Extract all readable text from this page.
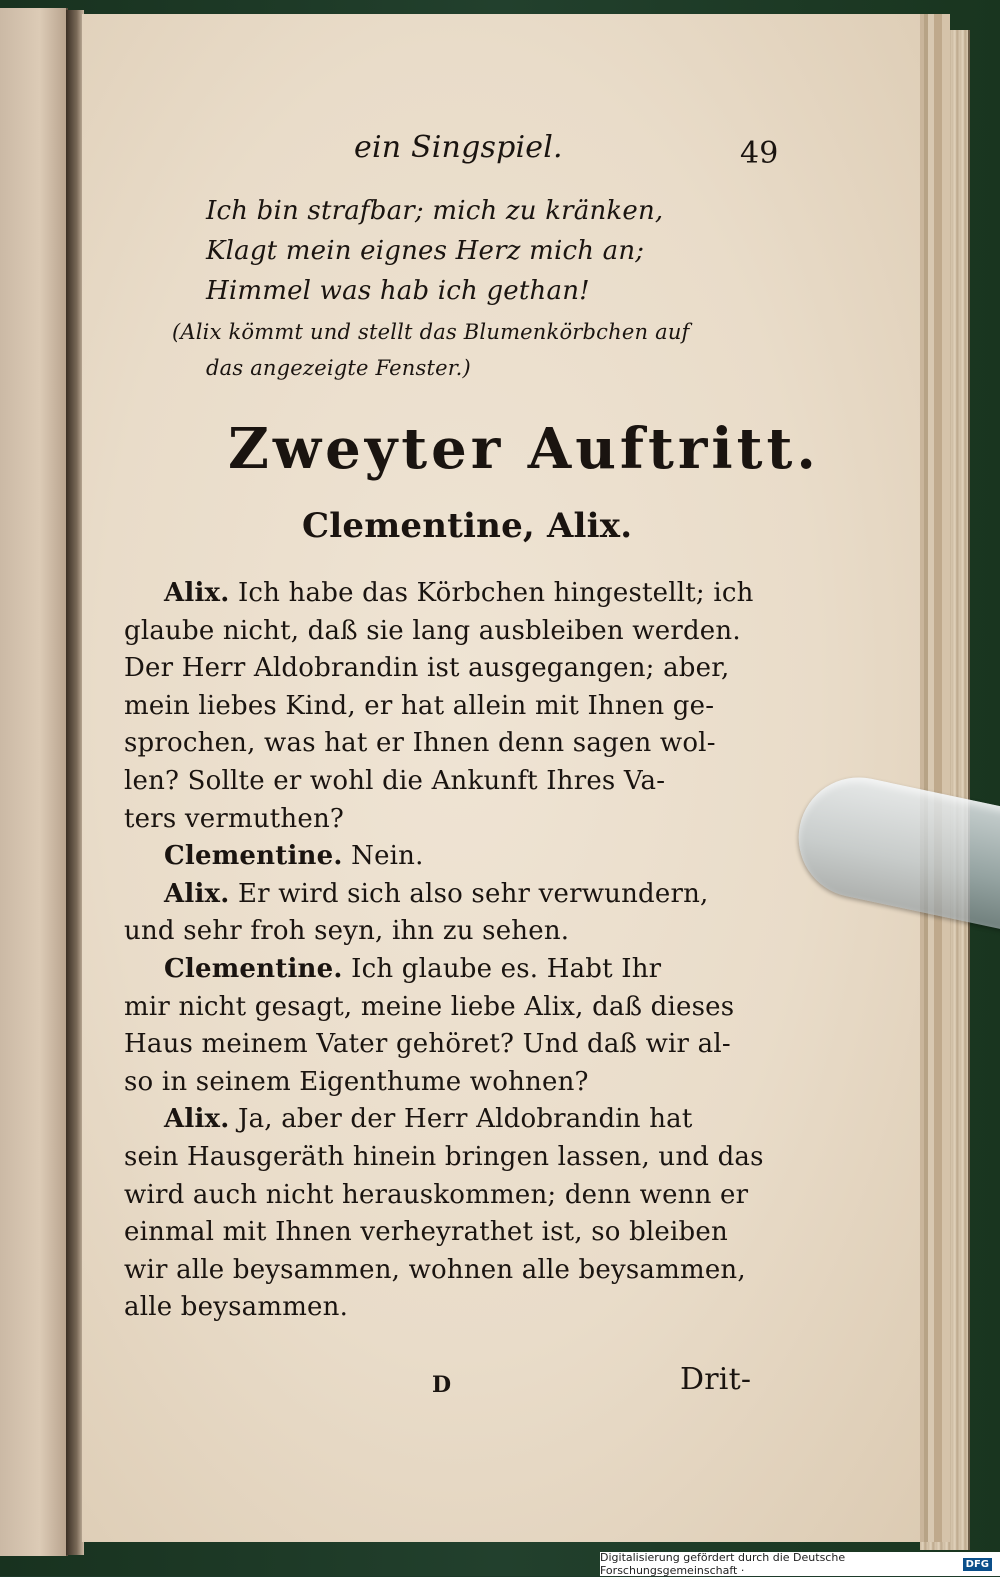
ein Singspiel.	49
Ich bin strafbar; mich zu kränken,
Klagt mein eignes Herz mich an;
Himmel was hab ich gethan!
(Alix kömmt und stellt das Blumenkörbchen auf
das angezeigte Fenster.)
Zweyter Auftritt.
Clementine, Alix.
Alix. Ich habe das Körbchen hingestellt; ich
glaube nicht, daß sie lang ausbleiben werden.
Der Herr Aldobrandin ist ausgegangen; aber,
mein liebes Kind, er hat allein mit Ihnen ge-
sprochen, was hat er Ihnen denn sagen wol-
len? Sollte er wohl die Ankunft Ihres Va-
ters vermuthen?
Clementine. Nein.
Alix. Er wird sich also sehr verwundern,
und sehr froh seyn, ihn zu sehen.
Clementine. Ich glaube es. Habt Ihr
mir nicht gesagt, meine liebe Alix, daß dieses
Haus meinem Vater gehöret? Und daß wir al-
so in seinem Eigenthume wohnen?
Alix. Ja, aber der Herr Aldobrandin hat
sein Hausgeräth hinein bringen lassen, und das
wird auch nicht herauskommen; denn wenn er
einmal mit Ihnen verheyrathet ist, so bleiben
wir alle beysammen, wohnen alle beysammen,
alle beysammen.
D	Drit-
Digitalisierung gefördert durch die Deutsche Forschungsgemeinschaft ·	DFG
